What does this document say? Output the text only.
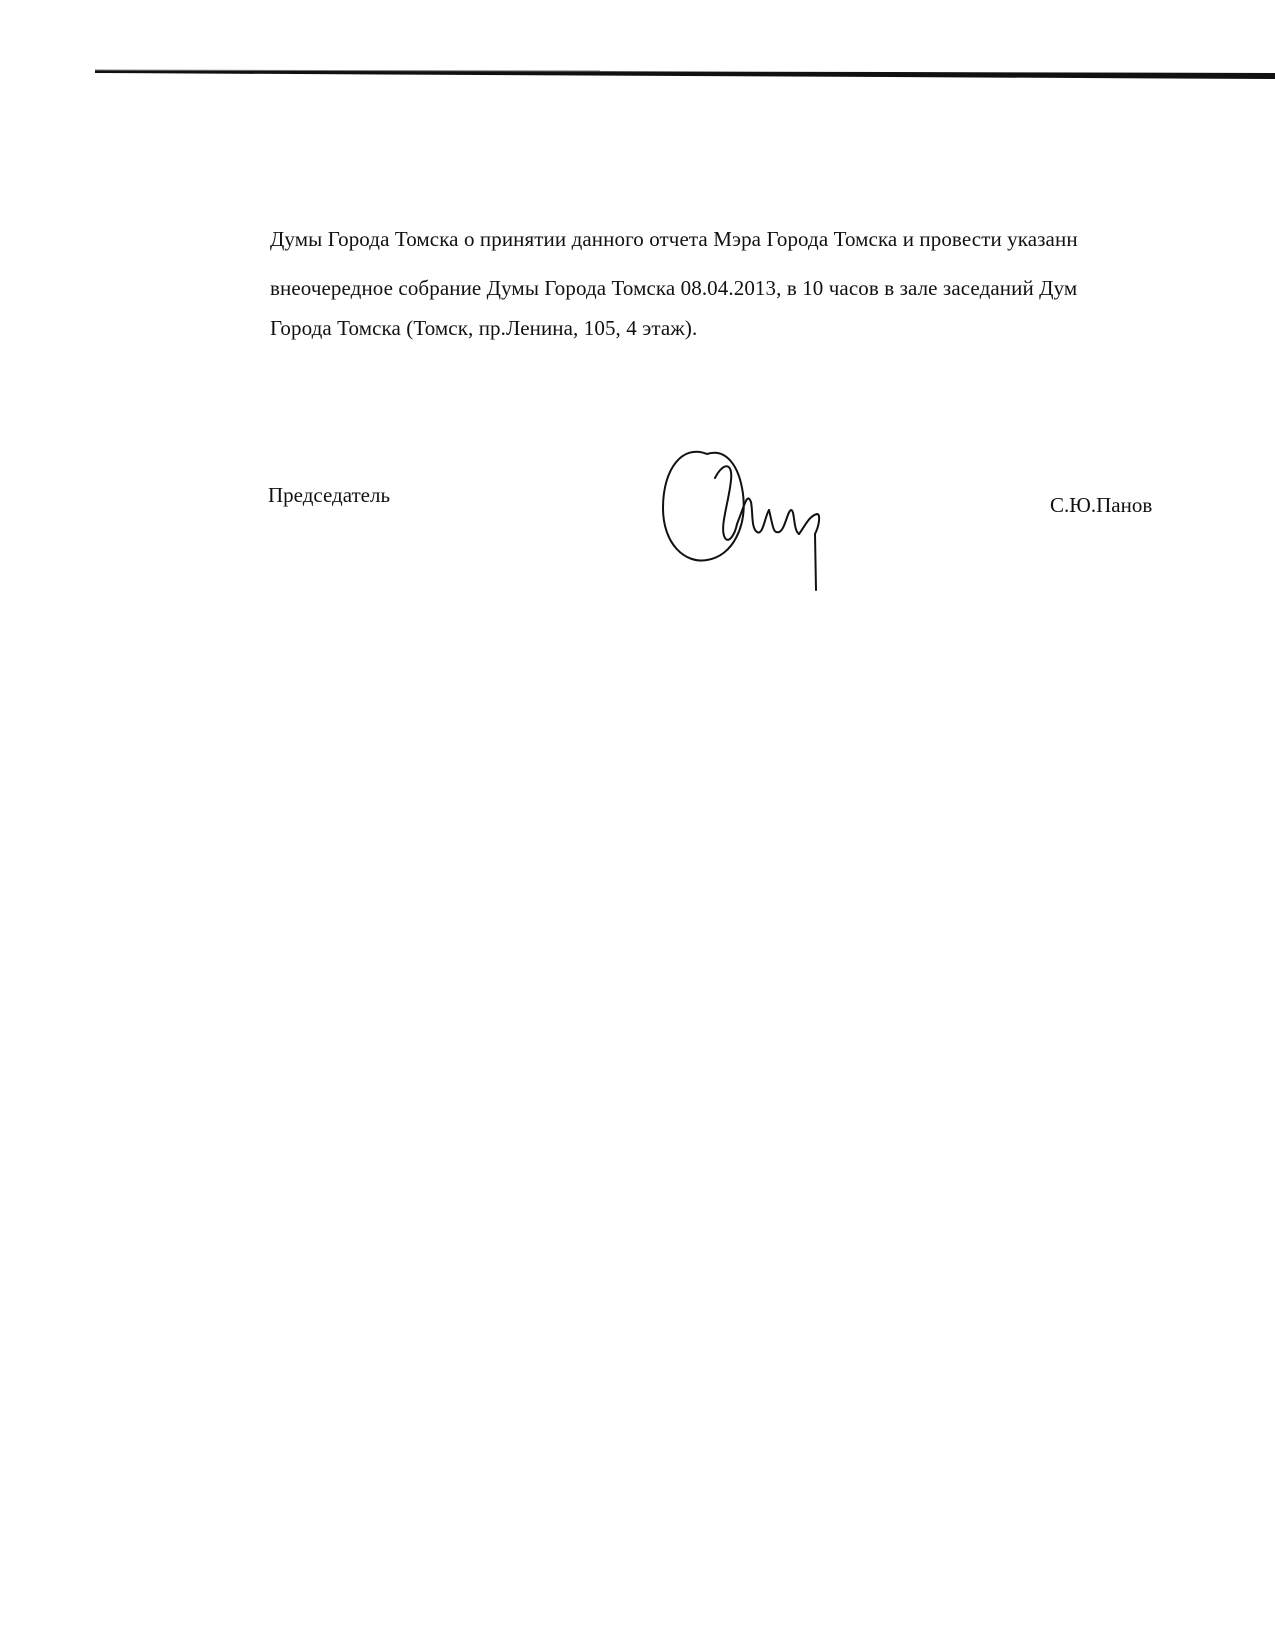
Думы Города Томска о принятии данного отчета Мэра Города Томска и провести указанн
внеочередное собрание Думы Города Томска 08.04.2013, в 10 часов в зале заседаний Дум
Города Томска (Томск, пр.Ленина, 105, 4 этаж).
Председатель	С.Ю.Панов
